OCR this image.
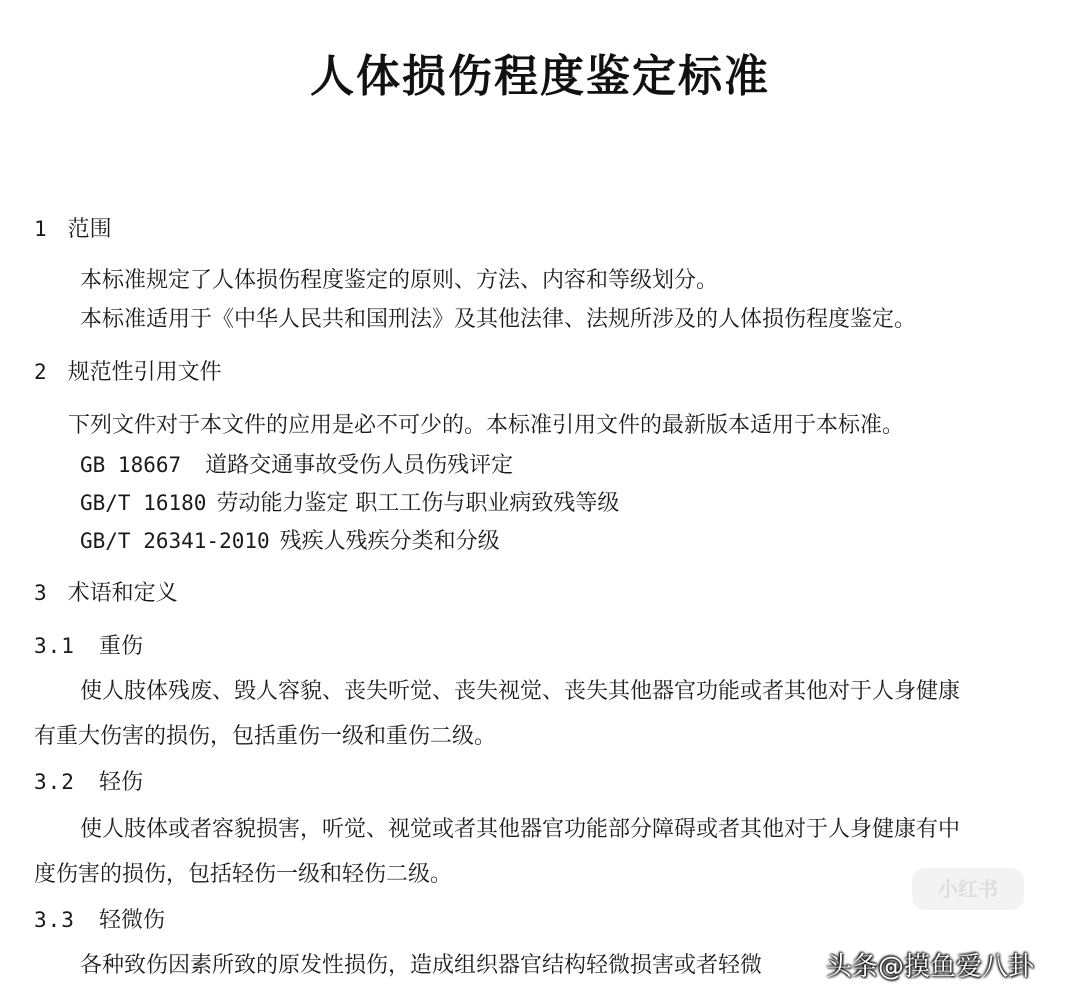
人体损伤程度鉴定标准
1 范围
本标准规定了人体损伤程度鉴定的原则、方法、内容和等级划分。
本标准适用于《中华人民共和国刑法》及其他法律、法规所涉及的人体损伤程度鉴定。
2 规范性引用文件
下列文件对于本文件的应用是必不可少的。本标准引用文件的最新版本适用于本标准。
GB 18667 道路交通事故受伤人员伤残评定
GB/T 16180 劳动能力鉴定 职工工伤与职业病致残等级
GB/T 26341-2010 残疾人残疾分类和分级
3 术语和定义
3.1 重伤
使人肢体残废、毁人容貌、丧失听觉、丧失视觉、丧失其他器官功能或者其他对于人身健康
有重大伤害的损伤，包括重伤一级和重伤二级。
3.2 轻伤
使人肢体或者容貌损害，听觉、视觉或者其他器官功能部分障碍或者其他对于人身健康有中
度伤害的损伤，包括轻伤一级和轻伤二级。
3.3 轻微伤
各种致伤因素所致的原发性损伤，造成组织器官结构轻微损害或者轻微
小红书
头条@摸鱼爱八卦
